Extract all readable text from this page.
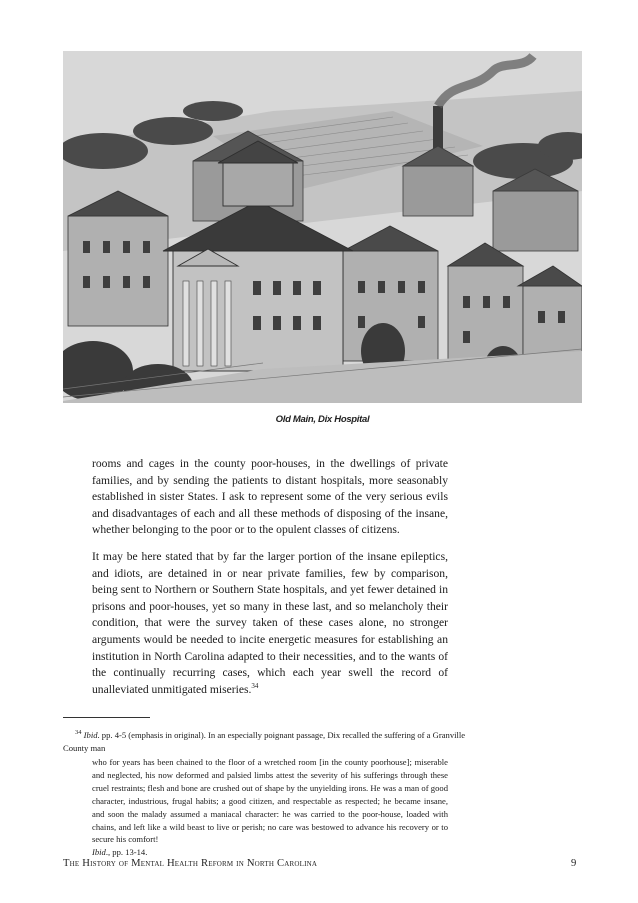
Old Main, Dix Hospital
rooms and cages in the county poor-houses, in the dwellings of private families, and by sending the patients to distant hospitals, more seasonably established in sister States. I ask to represent some of the very serious evils and disadvantages of each and all these methods of disposing of the insane, whether belonging to the poor or to the opulent classes of citizens.
It may be here stated that by far the larger portion of the insane epileptics, and idiots, are detained in or near private families, few by comparison, being sent to Northern or Southern State hospitals, and yet fewer detained in prisons and poor-houses, yet so many in these last, and so melancholy their condition, that were the survey taken of these cases alone, no stronger arguments would be needed to incite energetic measures for establishing an institution in North Carolina adapted to their necessities, and to the wants of the continually recurring cases, which each year swell the record of unalleviated unmitigated miseries.$^{34}$
$^{34}$ Ibid. pp. 4-5 (emphasis in original). In an especially poignant passage, Dix recalled the suffering of a Granville County man
who for years has been chained to the floor of a wretched room [in the county poorhouse]; miserable and neglected, his now deformed and palsied limbs attest the severity of his sufferings through these cruel restraints; flesh and bone are crushed out of shape by the unyielding irons. He was a man of good character, industrious, frugal habits; a good citizen, and respectable as respected; he became insane, and soon the malady assumed a maniacal character: he was carried to the poor-house, loaded with chains, and left like a wild beast to live or perish; no care was bestowed to advance his recovery or to secure his comfort!
Ibid., pp. 13-14.
The History of Mental Health Reform in North Carolina	9
